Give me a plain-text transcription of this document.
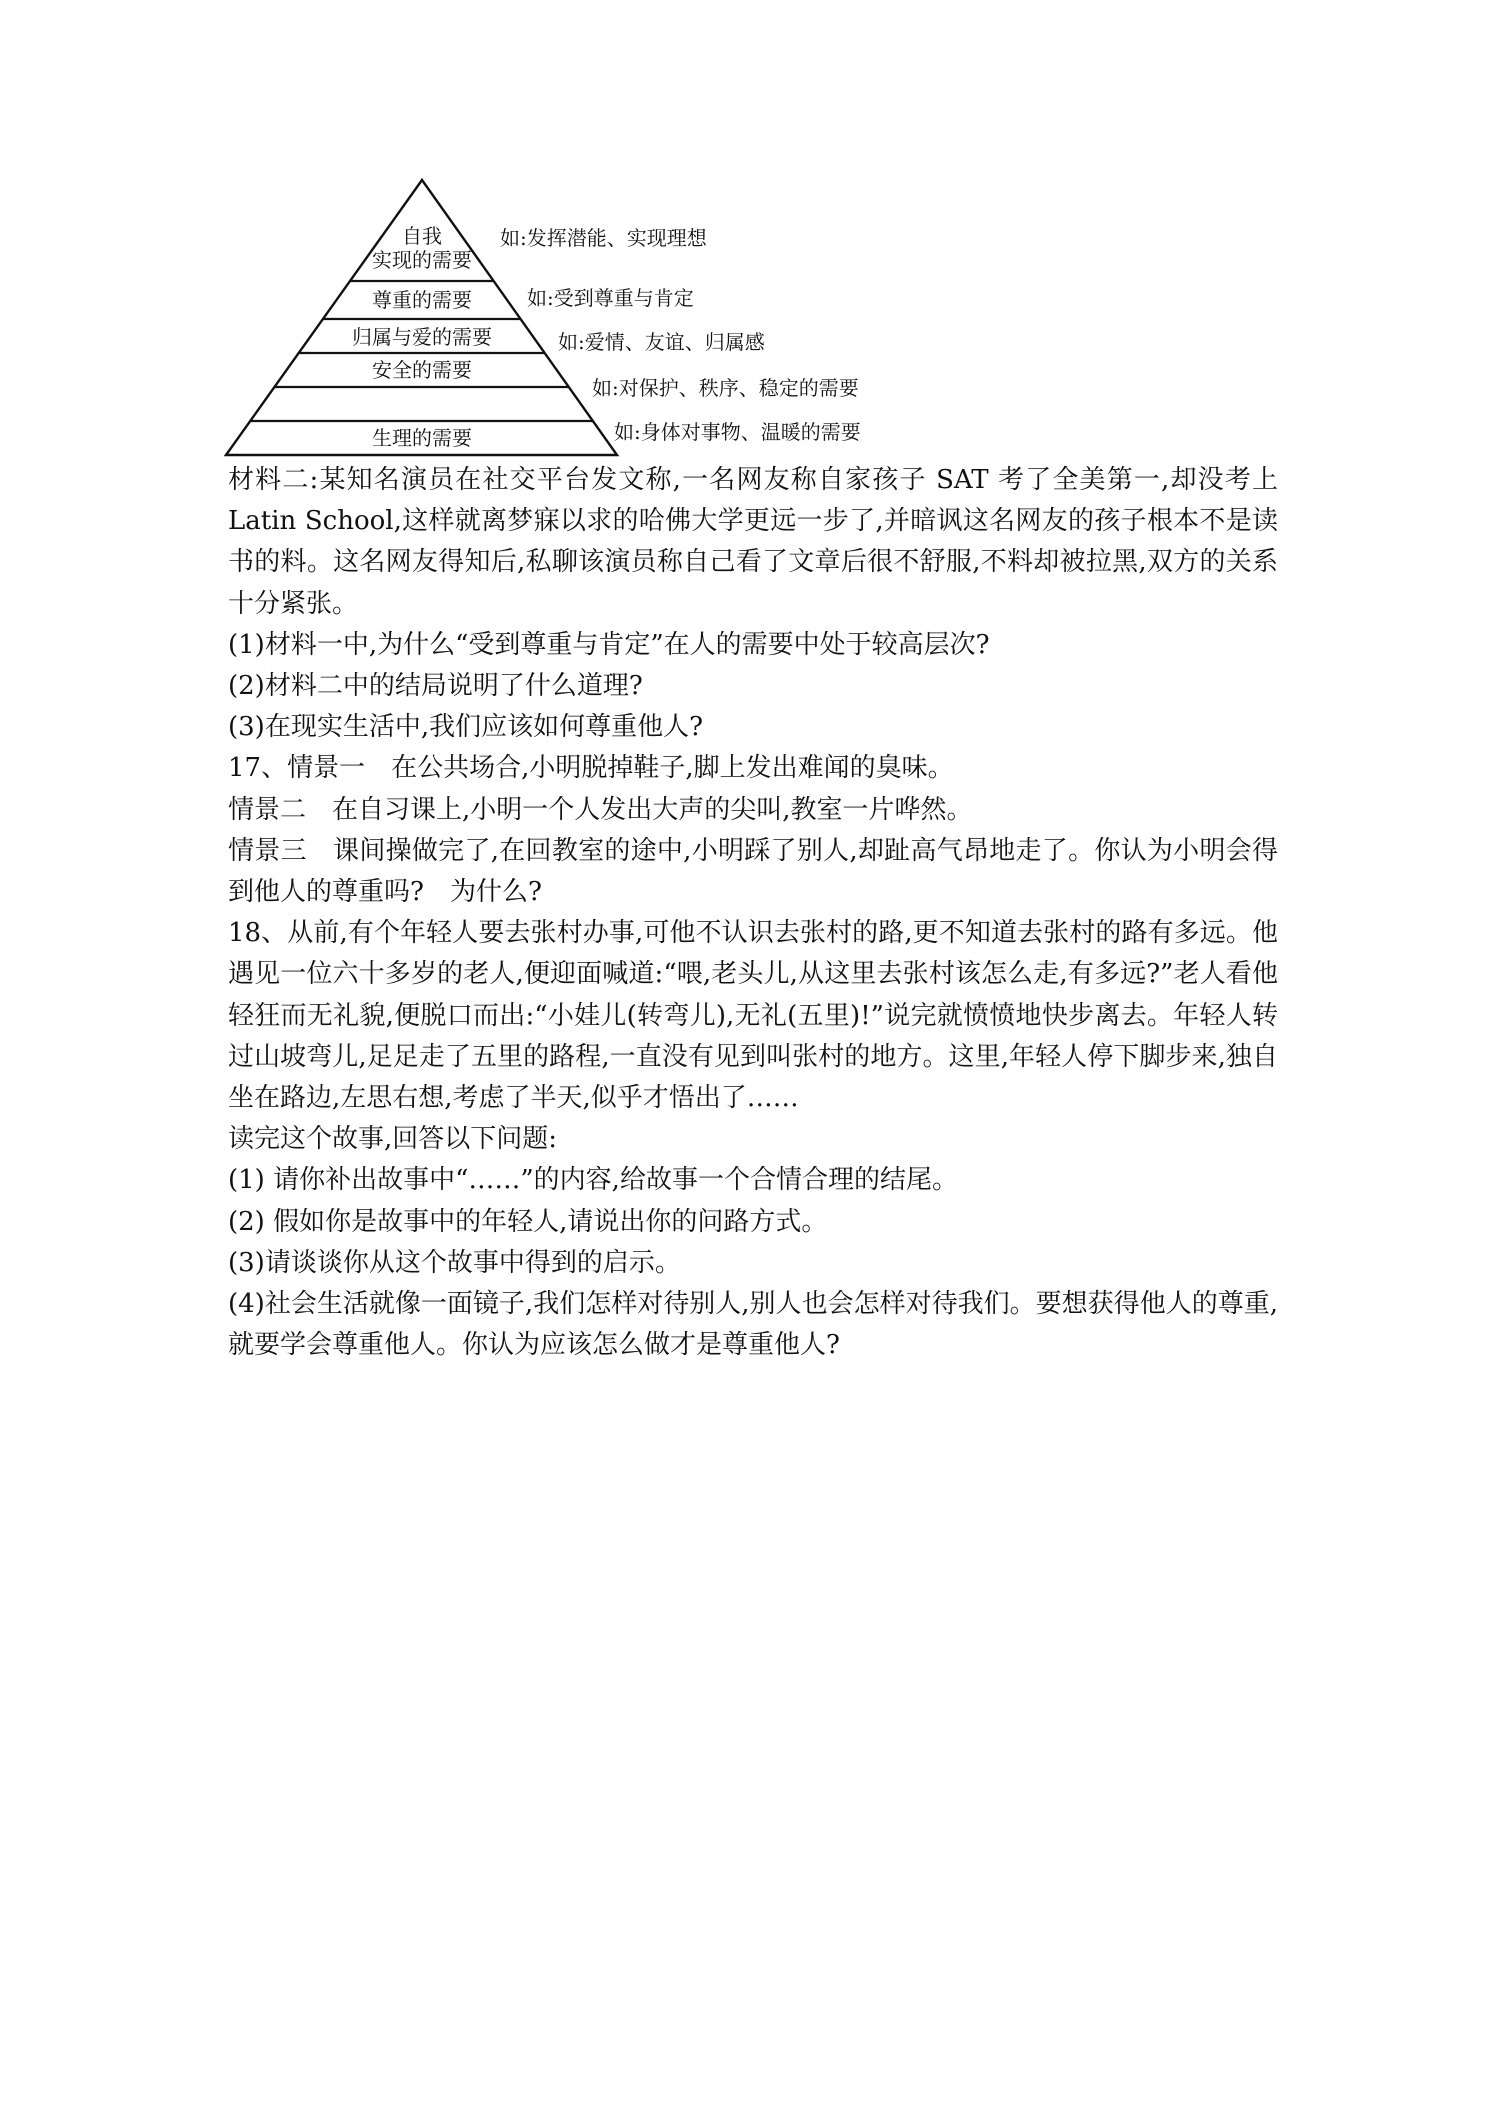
自我
实现的需要
尊重的需要
归属与爱的需要
安全的需要
生理的需要
如:发挥潜能、实现理想
如:受到尊重与肯定
如:爱情、友谊、归属感
如:对保护、秩序、稳定的需要
如:身体对事物、温暖的需要

材料二:某知名演员在社交平台发文称,一名网友称自家孩子 SAT 考了全美第一,却没考上 Latin School,这样就离梦寐以求的哈佛大学更远一步了,并暗讽这名网友的孩子根本不是读书的料。这名网友得知后,私聊该演员称自己看了文章后很不舒服,不料却被拉黑,双方的关系十分紧张。

(1)材料一中,为什么“受到尊重与肯定”在人的需要中处于较高层次?

(2)材料二中的结局说明了什么道理?

(3)在现实生活中,我们应该如何尊重他人?

17、情景一　在公共场合,小明脱掉鞋子,脚上发出难闻的臭味。

情景二　在自习课上,小明一个人发出大声的尖叫,教室一片哗然。

情景三　课间操做完了,在回教室的途中,小明踩了别人,却趾高气昂地走了。你认为小明会得到他人的尊重吗?　为什么?

18、从前,有个年轻人要去张村办事,可他不认识去张村的路,更不知道去张村的路有多远。他遇见一位六十多岁的老人,便迎面喊道:“喂,老头儿,从这里去张村该怎么走,有多远?”老人看他轻狂而无礼貌,便脱口而出:“小娃儿(转弯儿),无礼(五里)!”说完就愤愤地快步离去。年轻人转过山坡弯儿,足足走了五里的路程,一直没有见到叫张村的地方。这里,年轻人停下脚步来,独自坐在路边,左思右想,考虑了半天,似乎才悟出了……

读完这个故事,回答以下问题:

(1) 请你补出故事中“……”的内容,给故事一个合情合理的结尾。

(2) 假如你是故事中的年轻人,请说出你的问路方式。

(3)请谈谈你从这个故事中得到的启示。

(4)社会生活就像一面镜子,我们怎样对待别人,别人也会怎样对待我们。要想获得他人的尊重,就要学会尊重他人。你认为应该怎么做才是尊重他人?
